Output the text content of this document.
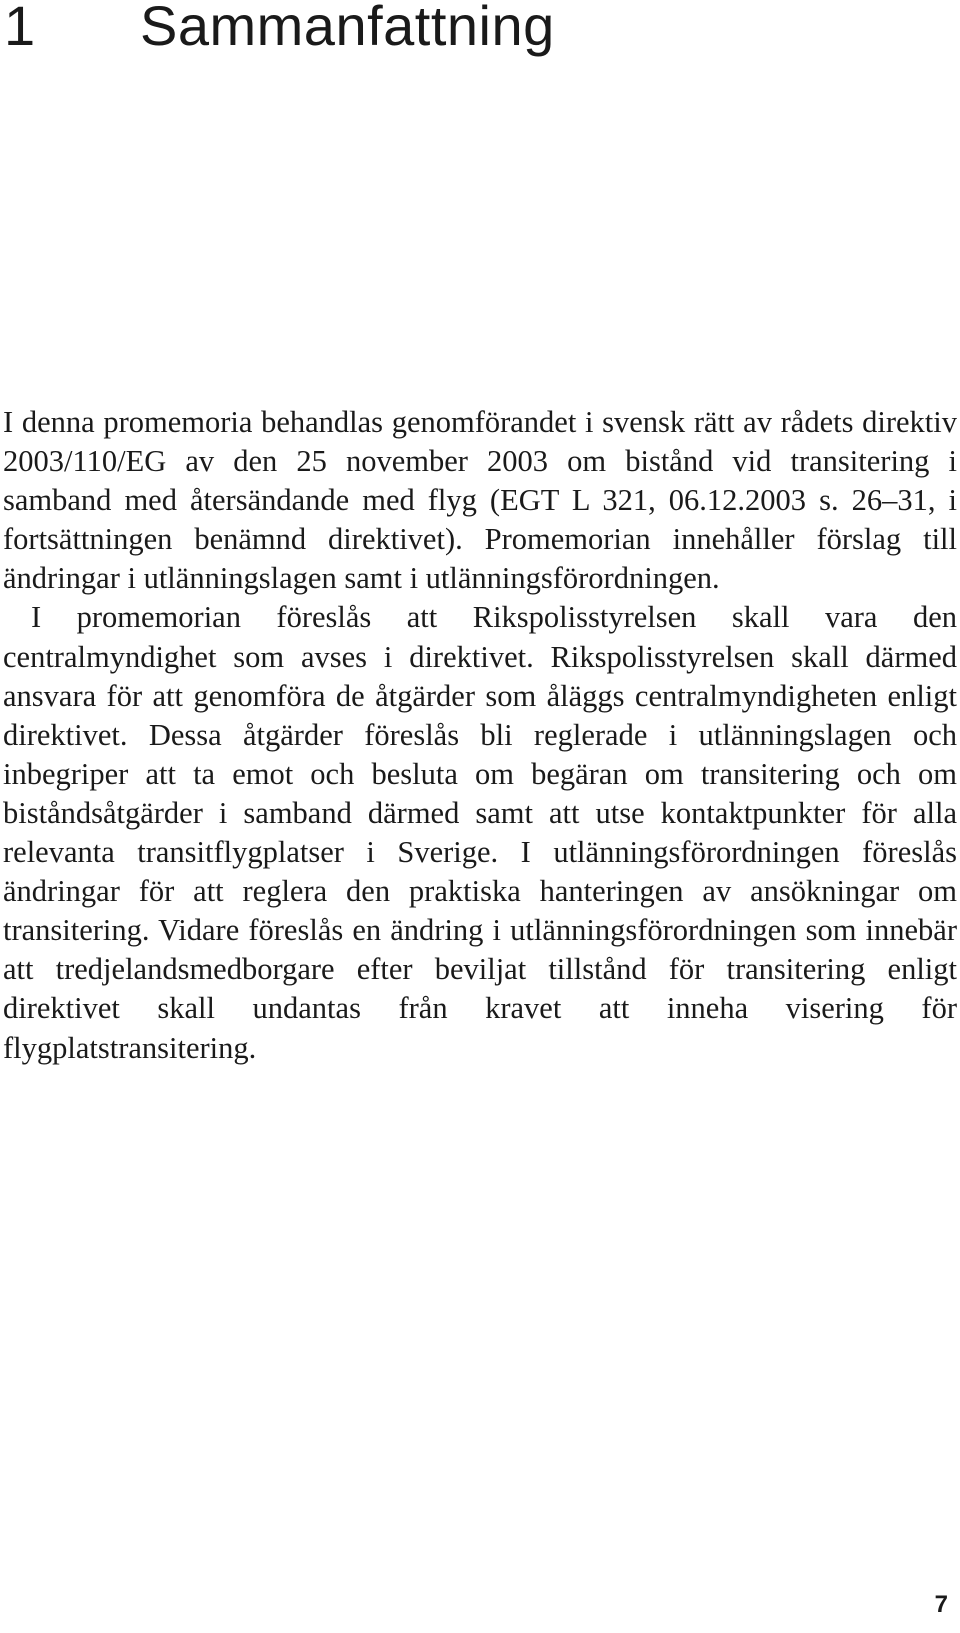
1 Sammanfattning

I denna promemoria behandlas genomförandet i svensk rätt av rådets direktiv 2003/110/EG av den 25 november 2003 om bistånd vid transitering i samband med återsändande med flyg (EGT L 321, 06.12.2003 s. 26–31, i fortsättningen benämnd direktivet). Promemorian innehåller förslag till ändringar i utlänningslagen samt i utlänningsförordningen.

I promemorian föreslås att Rikspolisstyrelsen skall vara den centralmyndighet som avses i direktivet. Rikspolisstyrelsen skall därmed ansvara för att genomföra de åtgärder som åläggs centralmyndigheten enligt direktivet. Dessa åtgärder föreslås bli reglerade i utlänningslagen och inbegriper att ta emot och besluta om begäran om transitering och om biståndsåtgärder i samband därmed samt att utse kontaktpunkter för alla relevanta transitflygplatser i Sverige. I utlänningsförordningen föreslås ändringar för att reglera den praktiska hanteringen av ansökningar om transitering. Vidare föreslås en ändring i utlänningsförordningen som innebär att tredjelandsmedborgare efter beviljat tillstånd för transitering enligt direktivet skall undantas från kravet att inneha visering för flygplatstransitering.

7
